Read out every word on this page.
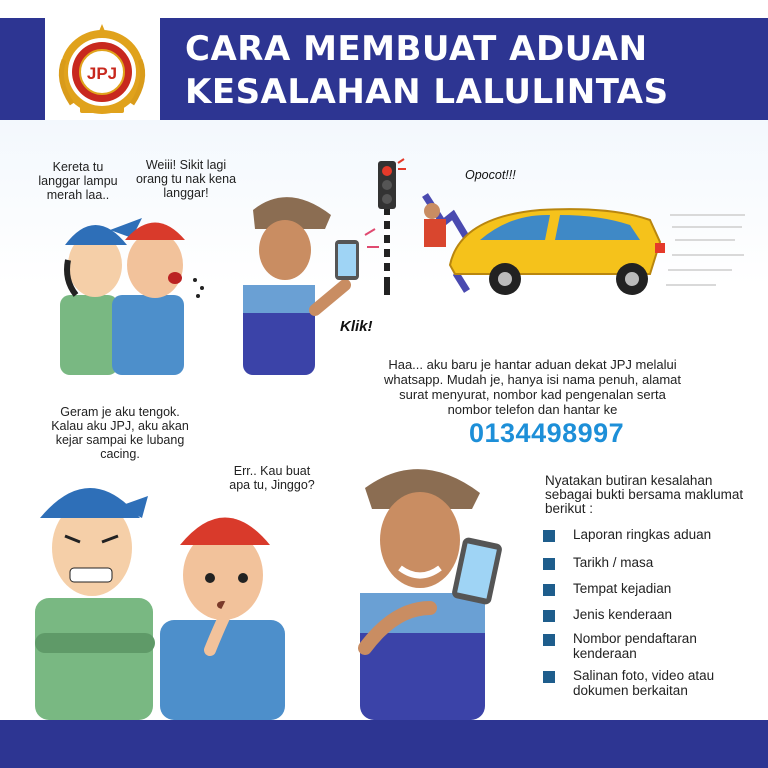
JPJ
CARA MEMBUAT ADUAN
KESALAHAN LALULINTAS
Kereta tu langgar lampu merah laa..
Weiii! Sikit lagi orang tu nak kena langgar!
Klik!
Opocot!!!
Haa... aku baru je hantar aduan dekat JPJ melalui whatsapp. Mudah je, hanya isi nama penuh, alamat surat menyurat, nombor kad pengenalan serta nombor telefon dan hantar ke
0134498997
Geram je aku tengok. Kalau aku JPJ, aku akan kejar sampai ke lubang cacing.
Err.. Kau buat apa tu, Jinggo?	Nyatakan butiran kesalahan sebagai bukti bersama maklumat berikut :
Laporan ringkas aduan
Tarikh / masa
Tempat kejadian
Jenis kenderaan
Nombor pendaftaran kenderaan
Salinan foto, video atau dokumen berkaitan
